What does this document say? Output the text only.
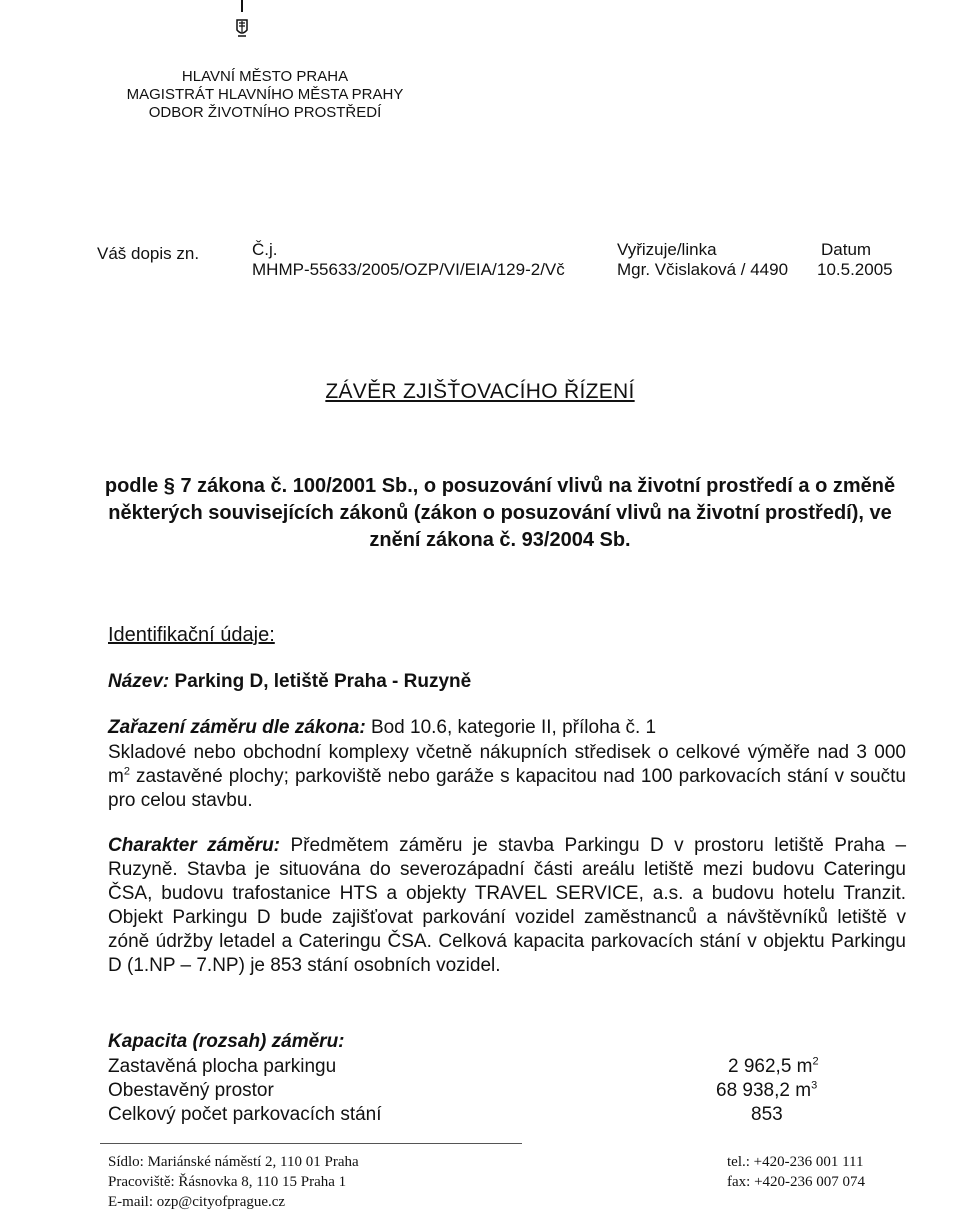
HLAVNÍ MĚSTO PRAHA
MAGISTRÁT HLAVNÍHO MĚSTA PRAHY
ODBOR ŽIVOTNÍHO PROSTŘEDÍ
Váš dopis zn.	Č.j.
MHMP-55633/2005/OZP/VI/EIA/129-2/Vč
Vyřizuje/linka
Mgr. Včislaková / 4490
Datum
10.5.2005
ZÁVĚR ZJIŠŤOVACÍHO ŘÍZENÍ
podle § 7 zákona č. 100/2001 Sb., o posuzování vlivů na životní prostředí a o změně některých souvisejících zákonů (zákon o posuzování vlivů na životní prostředí), ve znění zákona č. 93/2004 Sb.
Identifikační údaje:
Název: Parking D, letiště Praha - Ruzyně
Zařazení záměru dle zákona: Bod 10.6, kategorie II, příloha č. 1
Skladové nebo obchodní komplexy včetně nákupních středisek o celkové výměře nad 3 000 $m^2$ zastavěné plochy; parkoviště nebo garáže s kapacitou nad 100 parkovacích stání v součtu pro celou stavbu.
Charakter záměru: Předmětem záměru je stavba Parkingu D v prostoru letiště Praha – Ruzyně. Stavba je situována do severozápadní části areálu letiště mezi budovu Cateringu ČSA, budovu trafostanice HTS a objekty TRAVEL SERVICE, a.s. a budovu hotelu Tranzit. Objekt Parkingu D bude zajišťovat parkování vozidel zaměstnanců a návštěvníků letiště v zóně údržby letadel a Cateringu ČSA. Celková kapacita parkovacích stání v objektu Parkingu D (1.NP – 7.NP) je 853 stání osobních vozidel.
Kapacita (rozsah) záměru:
Zastavěná plocha parkingu	2 962,5 $m^2$
Obestavěný prostor	68 938,2 $m^3$
Celkový počet parkovacích stání	853
Sídlo: Mariánské náměstí 2, 110 01 Praha
Pracoviště: Řásnovka 8, 110 15 Praha 1
E-mail: ozp@cityofprague.cz
tel.: +420-236 001 111
fax: +420-236 007 074
